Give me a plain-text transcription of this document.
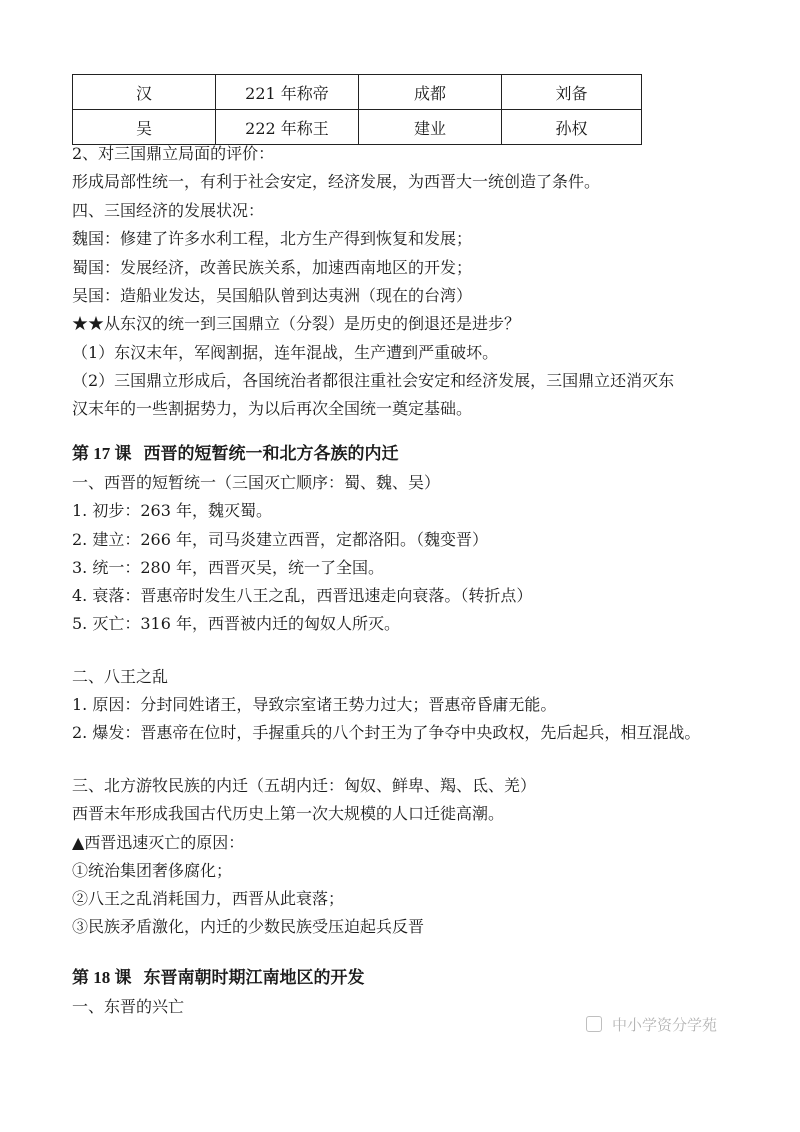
汉	221 年称帝	成都	刘备
吴	222 年称王	建业	孙权
2、对三国鼎立局面的评价：
形成局部性统一，有利于社会安定，经济发展，为西晋大一统创造了条件。
四、三国经济的发展状况：
魏国：修建了许多水利工程，北方生产得到恢复和发展；
蜀国：发展经济，改善民族关系，加速西南地区的开发；
吴国：造船业发达，吴国船队曾到达夷洲（现在的台湾）
★★从东汉的统一到三国鼎立（分裂）是历史的倒退还是进步？
（1）东汉末年，军阀割据，连年混战，生产遭到严重破坏。
（2）三国鼎立形成后，各国统治者都很注重社会安定和经济发展，三国鼎立还消灭东
汉末年的一些割据势力，为以后再次全国统一奠定基础。
第 17 课 西晋的短暂统一和北方各族的内迁
一、西晋的短暂统一（三国灭亡顺序：蜀、魏、吴）
1. 初步：263 年，魏灭蜀。
2. 建立：266 年，司马炎建立西晋，定都洛阳。（魏变晋）
3. 统一：280 年，西晋灭吴，统一了全国。
4. 衰落：晋惠帝时发生八王之乱，西晋迅速走向衰落。（转折点）
5. 灭亡：316 年，西晋被内迁的匈奴人所灭。
二、八王之乱
1. 原因：分封同姓诸王，导致宗室诸王势力过大；晋惠帝昏庸无能。
2. 爆发：晋惠帝在位时，手握重兵的八个封王为了争夺中央政权，先后起兵，相互混战。
三、北方游牧民族的内迁（五胡内迁：匈奴、鲜卑、羯、氐、羌）
西晋末年形成我国古代历史上第一次大规模的人口迁徙高潮。
▲西晋迅速灭亡的原因：
①统治集团奢侈腐化；
②八王之乱消耗国力，西晋从此衰落；
③民族矛盾激化，内迁的少数民族受压迫起兵反晋
第 18 课 东晋南朝时期江南地区的开发
一、东晋的兴亡
中小学资分学苑
